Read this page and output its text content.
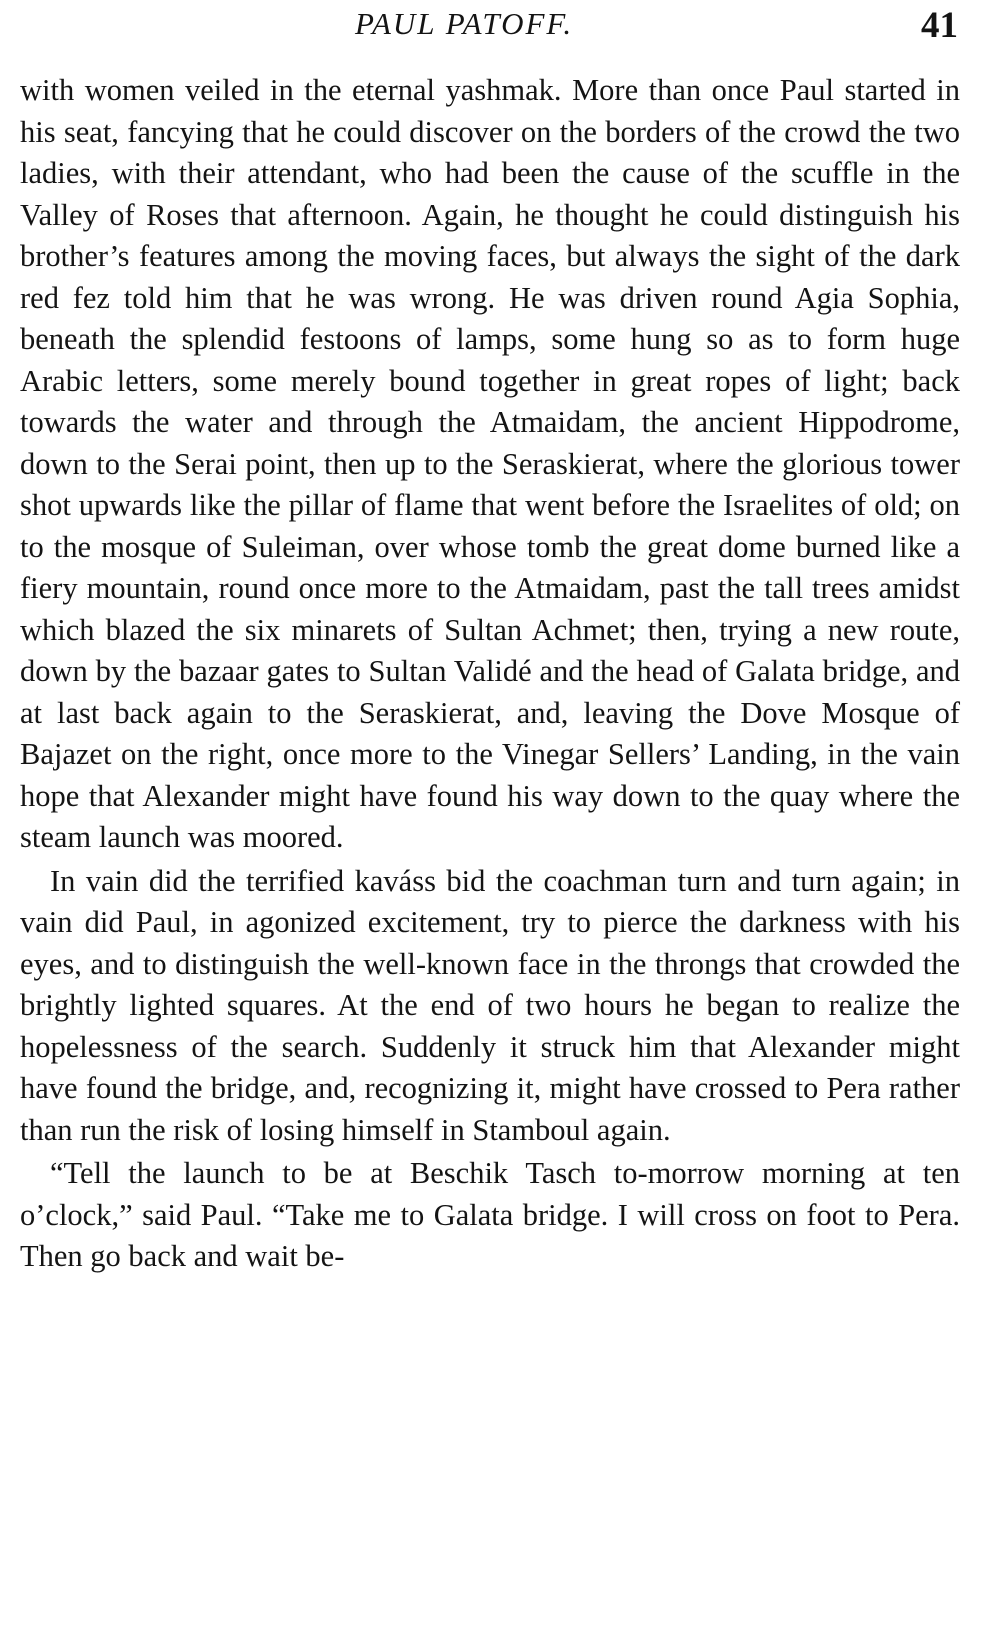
PAUL PATOFF.	41

with women veiled in the eternal yashmak. More than once Paul started in his seat, fancying that he could discover on the borders of the crowd the two ladies, with their attendant, who had been the cause of the scuffle in the Valley of Roses that afternoon. Again, he thought he could distinguish his brother’s features among the moving faces, but always the sight of the dark red fez told him that he was wrong. He was driven round Agia Sophia, beneath the splendid festoons of lamps, some hung so as to form huge Arabic letters, some merely bound together in great ropes of light; back towards the water and through the Atmaidam, the ancient Hippodrome, down to the Serai point, then up to the Seraskierat, where the glorious tower shot upwards like the pillar of flame that went before the Israelites of old; on to the mosque of Suleiman, over whose tomb the great dome burned like a fiery mountain, round once more to the Atmaidam, past the tall trees amidst which blazed the six minarets of Sultan Achmet; then, trying a new route, down by the bazaar gates to Sultan Validé and the head of Galata bridge, and at last back again to the Seraskierat, and, leaving the Dove Mosque of Bajazet on the right, once more to the Vinegar Sellers’ Landing, in the vain hope that Alexander might have found his way down to the quay where the steam launch was moored.

In vain did the terrified kaváss bid the coachman turn and turn again; in vain did Paul, in agonized excitement, try to pierce the darkness with his eyes, and to distinguish the well-known face in the throngs that crowded the brightly lighted squares. At the end of two hours he began to realize the hopelessness of the search. Suddenly it struck him that Alexander might have found the bridge, and, recognizing it, might have crossed to Pera rather than run the risk of losing himself in Stamboul again.

“Tell the launch to be at Beschik Tasch to-morrow morning at ten o’clock,” said Paul. “Take me to Galata bridge. I will cross on foot to Pera. Then go back and wait be-
